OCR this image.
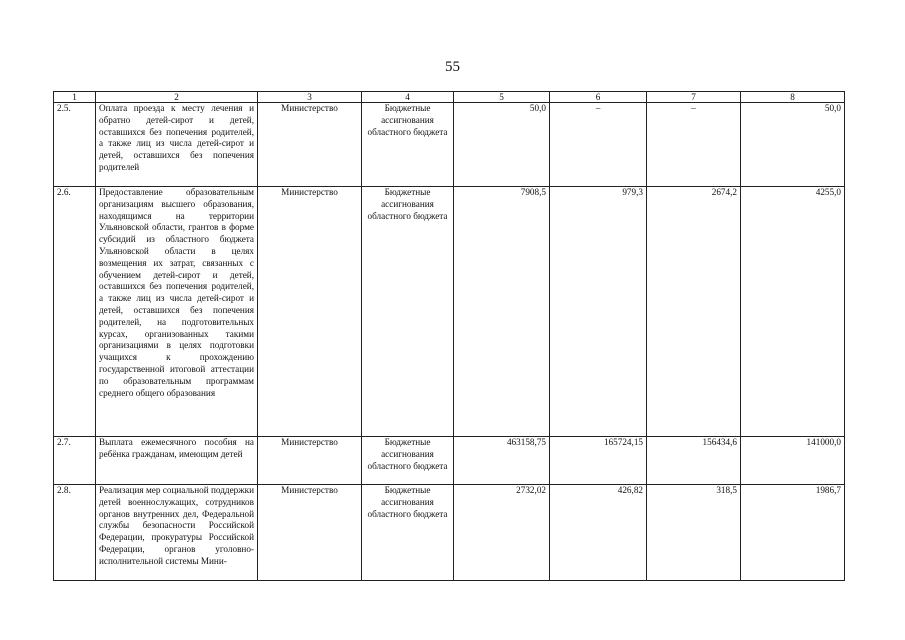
55
1	2	3	4	5	6	7	8
2.5.	Оплата проезда к месту лечения и обратно детей-сирот и детей, оставшихся без попечения родителей, а также лиц из числа детей-сирот и детей, оставшихся без попечения родителей	Министерство	Бюджетные ассигнования областного бюджета	50,0	–	–	50,0
2.6.	Предоставление образовательным организациям высшего образования, находящимся на территории Ульяновской области, грантов в форме субсидий из областного бюджета Ульяновской области в целях возмещения их затрат, связанных с обучением детей-сирот и детей, оставшихся без попечения родителей, а также лиц из числа детей-сирот и детей, оставшихся без попечения родителей, на подготовительных курсах, организованных такими организациями в целях подготовки учащихся к прохождению государственной итоговой аттестации по образовательным программам среднего общего образования	Министерство	Бюджетные ассигнования областного бюджета	7908,5	979,3	2674,2	4255,0
2.7.	Выплата ежемесячного пособия на ребёнка гражданам, имеющим детей	Министерство	Бюджетные ассигнования областного бюджета	463158,75	165724,15	156434,6	141000,0
2.8.	Реализация мер социальной поддержки детей военнослужащих, сотрудников органов внутренних дел, Федеральной службы безопасности Российской Федерации, прокуратуры Российской Федерации, органов уголовно-исполнительной системы Мини-	Министерство	Бюджетные ассигнования областного бюджета	2732,02	426,82	318,5	1986,7
